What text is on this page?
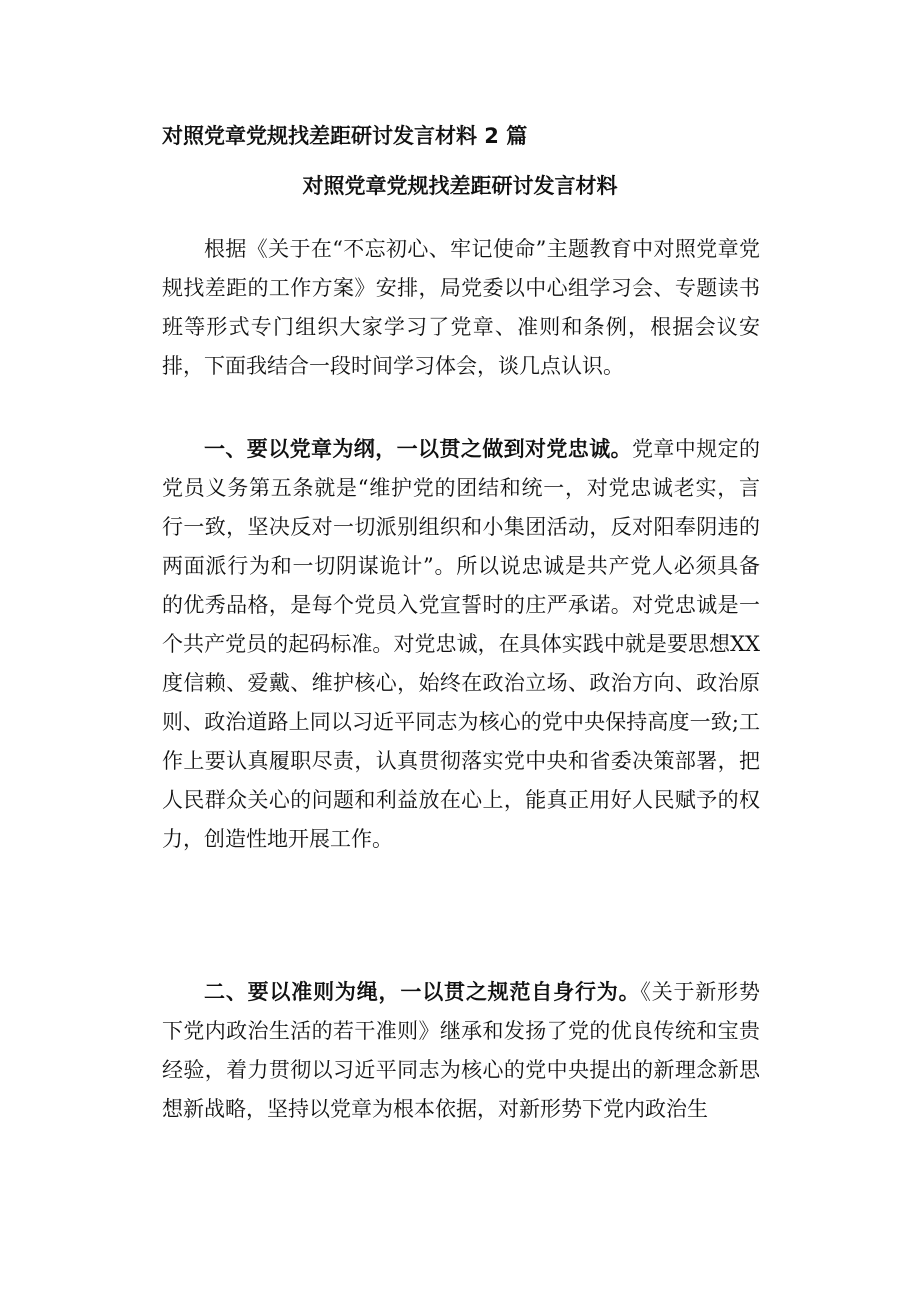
对照党章党规找差距研讨发言材料 2 篇
对照党章党规找差距研讨发言材料

根据《关于在“不忘初心、牢记使命”主题教育中对照党章党规找差距的工作方案》安排，局党委以中心组学习会、专题读书班等形式专门组织大家学习了党章、准则和条例，根据会议安排，下面我结合一段时间学习体会，谈几点认识。

一、要以党章为纲，一以贯之做到对党忠诚。党章中规定的党员义务第五条就是“维护党的团结和统一，对党忠诚老实，言行一致，坚决反对一切派别组织和小集团活动，反对阳奉阴违的两面派行为和一切阴谋诡计”。所以说忠诚是共产党人必须具备的优秀品格，是每个党员入党宣誓时的庄严承诺。对党忠诚是一个共产党员的起码标准。对党忠诚，在具体实践中就是要思想XX 度信赖、爱戴、维护核心，始终在政治立场、政治方向、政治原则、政治道路上同以习近平同志为核心的党中央保持高度一致;工作上要认真履职尽责，认真贯彻落实党中央和省委决策部署，把人民群众关心的问题和利益放在心上，能真正用好人民赋予的权力，创造性地开展工作。

二、要以准则为绳，一以贯之规范自身行为。《关于新形势下党内政治生活的若干准则》继承和发扬了党的优良传统和宝贵经验，着力贯彻以习近平同志为核心的党中央提出的新理念新思想新战略，坚持以党章为根本依据，对新形势下党内政治生
